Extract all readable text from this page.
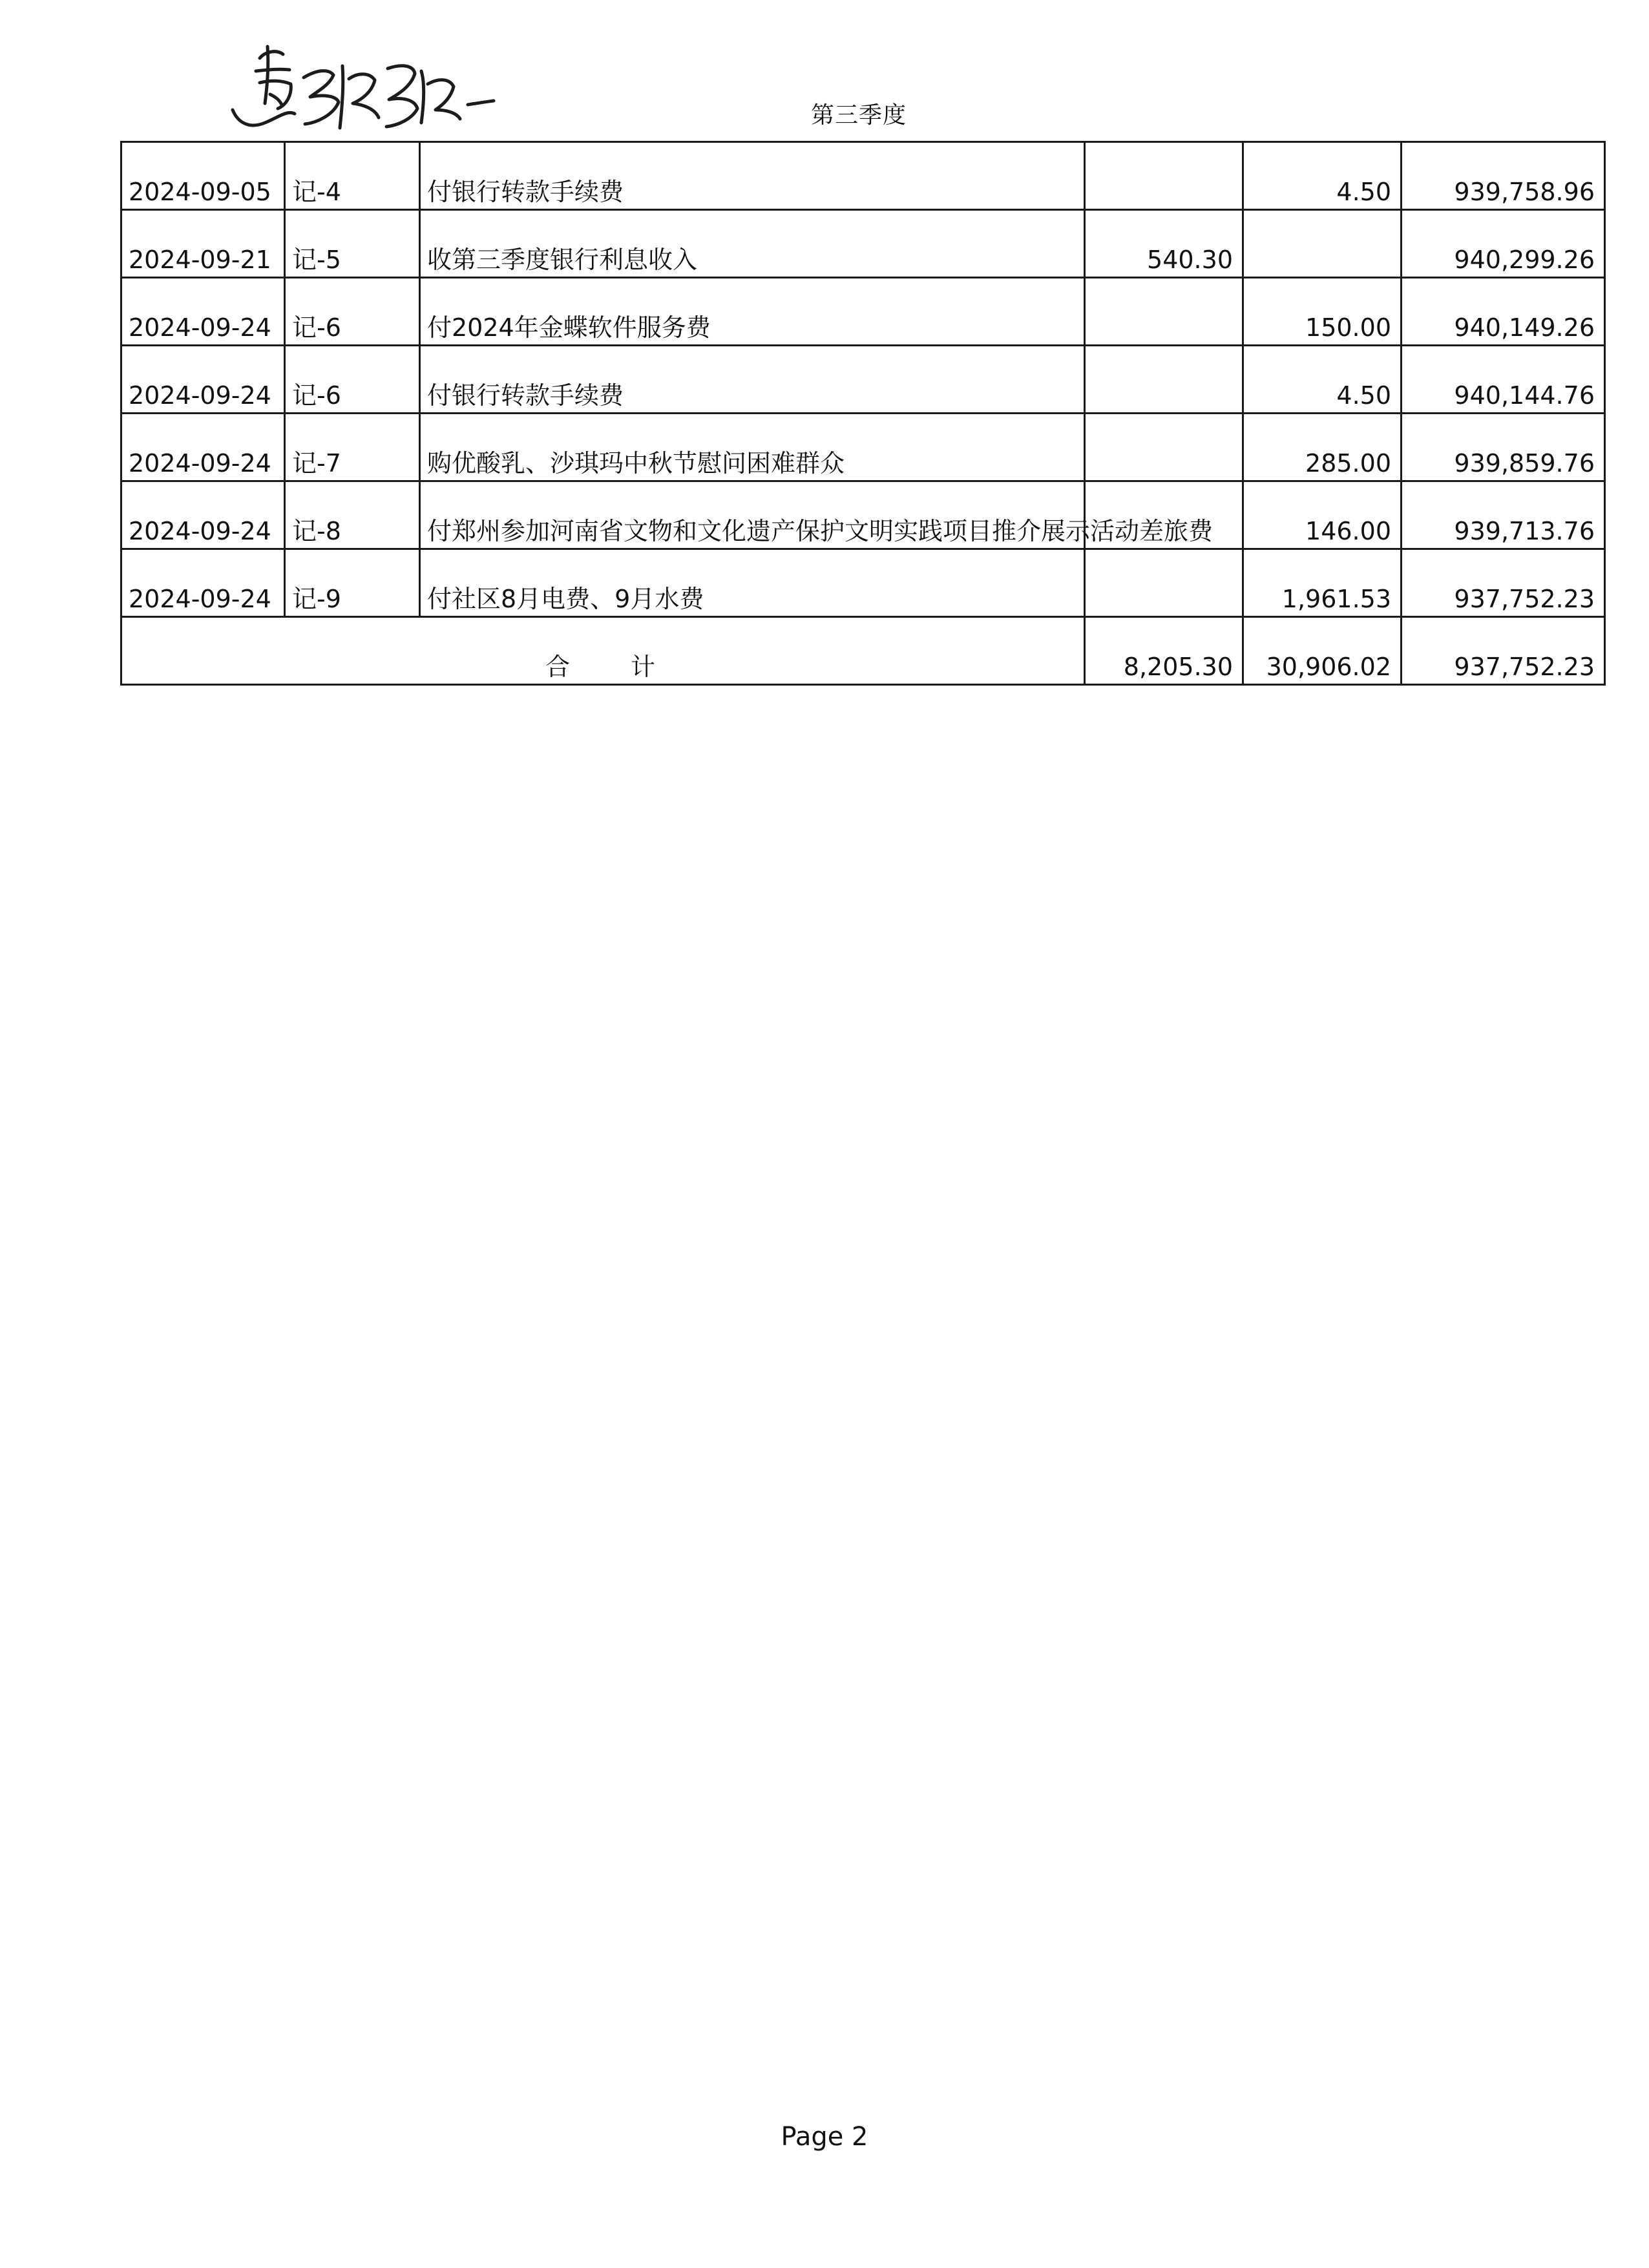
第三季度
2024-09-05	记-4	付银行转款手续费		4.50	939,758.96
2024-09-21	记-5	收第三季度银行利息收入	540.30		940,299.26
2024-09-24	记-6	付2024年金蝶软件服务费		150.00	940,149.26
2024-09-24	记-6	付银行转款手续费		4.50	940,144.76
2024-09-24	记-7	购优酸乳、沙琪玛中秋节慰问困难群众		285.00	939,859.76
2024-09-24	记-8	付郑州参加河南省文物和文化遗产保护文明实践项目推介展示活动差旅费		146.00	939,713.76
2024-09-24	记-9	付社区8月电费、9月水费		1,961.53	937,752.23
合 计			8,205.30	30,906.02	937,752.23
Page 2
